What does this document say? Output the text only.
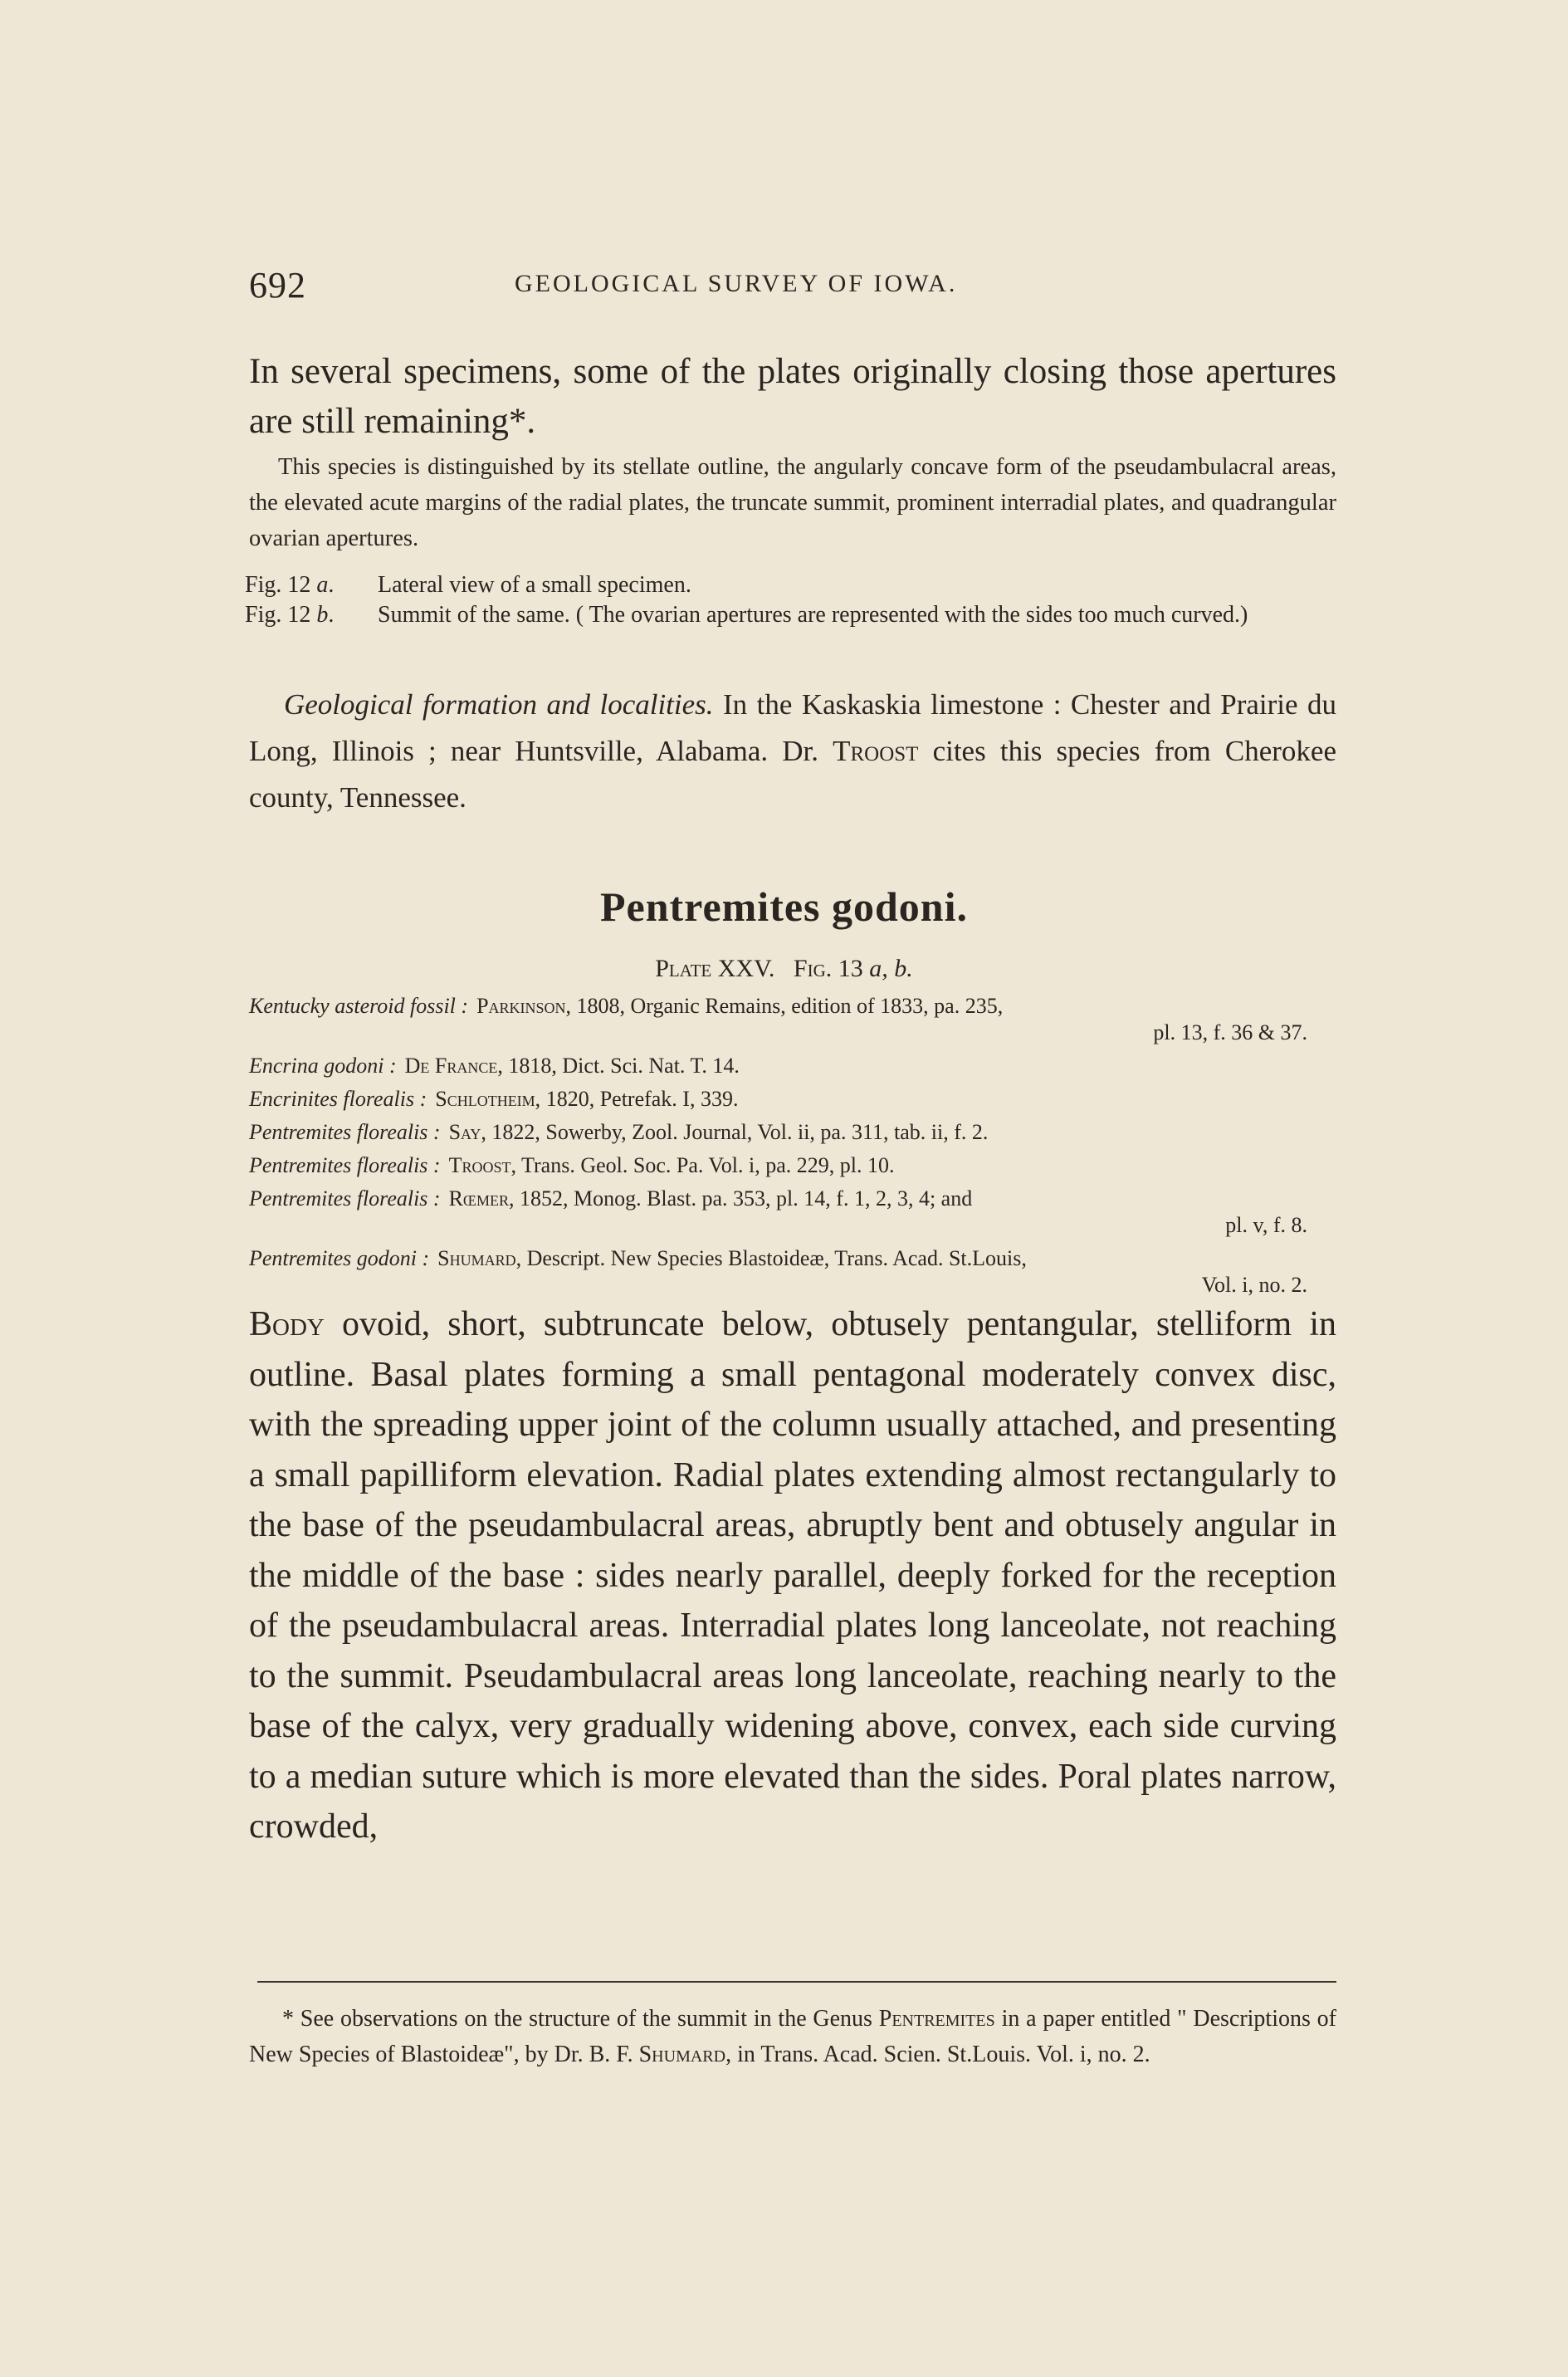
692	GEOLOGICAL SURVEY OF IOWA.
In several specimens, some of the plates originally closing those apertures are still remaining*.
This species is distinguished by its stellate outline, the angularly concave form of the pseudambulacral areas, the elevated acute margins of the radial plates, the truncate summit, prominent interradial plates, and quadrangular ovarian apertures.
Fig. 12 a.	Lateral view of a small specimen.
Fig. 12 b.	Summit of the same. ( The ovarian apertures are represented with the sides too much curved.)
Geological formation and localities. In the Kaskaskia limestone : Chester and Prairie du Long, Illinois ; near Huntsville, Alabama. Dr. Troost cites this species from Cherokee county, Tennessee.
Pentremites godoni.
Plate XXV. Fig. 13 a, b.
Kentucky asteroid fossil : Parkinson, 1808, Organic Remains, edition of 1833, pa. 235,
pl. 13, f. 36 & 37.
Encrina godoni : De France, 1818, Dict. Sci. Nat. T. 14.
Encrinites florealis : Schlotheim, 1820, Petrefak. I, 339.
Pentremites florealis : Say, 1822, Sowerby, Zool. Journal, Vol. ii, pa. 311, tab. ii, f. 2.
Pentremites florealis : Troost, Trans. Geol. Soc. Pa. Vol. i, pa. 229, pl. 10.
Pentremites florealis : Rœmer, 1852, Monog. Blast. pa. 353, pl. 14, f. 1, 2, 3, 4; and
pl. v, f. 8.
Pentremites godoni : Shumard, Descript. New Species Blastoideæ, Trans. Acad. St.Louis,
Vol. i, no. 2.
Body ovoid, short, subtruncate below, obtusely pentangular, stelliform in outline. Basal plates forming a small pentagonal moderately convex disc, with the spreading upper joint of the column usually attached, and presenting a small papilliform elevation. Radial plates extending almost rectangularly to the base of the pseudambulacral areas, abruptly bent and obtusely angular in the middle of the base : sides nearly parallel, deeply forked for the reception of the pseudambulacral areas. Interradial plates long lanceolate, not reaching to the summit. Pseudambulacral areas long lanceolate, reaching nearly to the base of the calyx, very gradually widening above, convex, each side curving to a median suture which is more elevated than the sides. Poral plates narrow, crowded,
* See observations on the structure of the summit in the Genus Pentremites in a paper entitled " Descriptions of New Species of Blastoideæ", by Dr. B. F. Shumard, in Trans. Acad. Scien. St.Louis. Vol. i, no. 2.
